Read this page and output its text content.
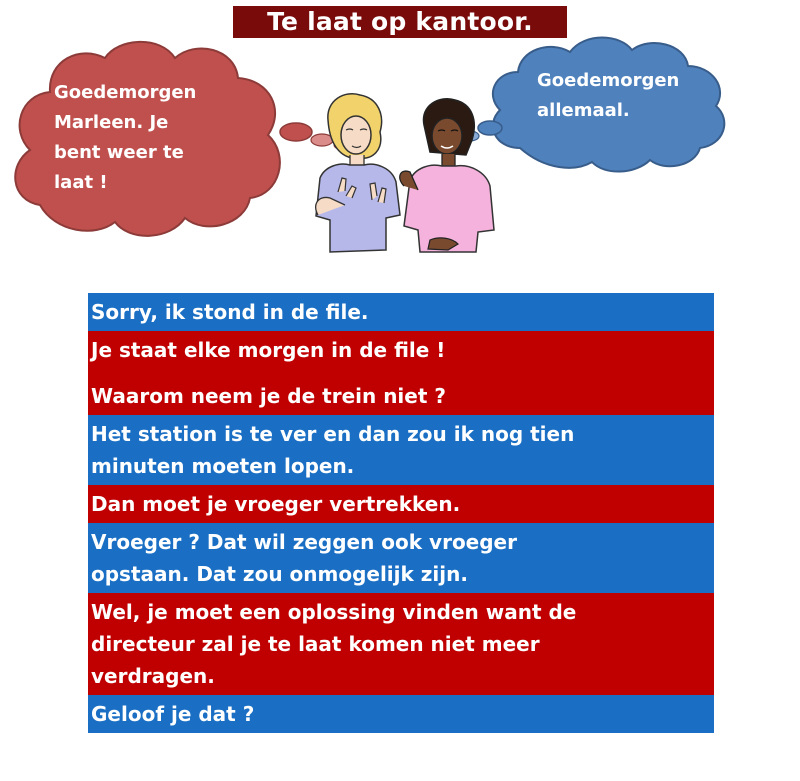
Te laat op kantoor.
Goedemorgen
Marleen. Je
bent weer te
laat !
Goedemorgen
allemaal.
Sorry, ik stond in de file.
Je staat elke morgen in de file !
Waarom neem je de trein niet ?
Het station is te ver en dan zou ik nog tien
minuten moeten lopen.
Dan moet je vroeger vertrekken.
Vroeger ? Dat wil zeggen ook vroeger
opstaan. Dat zou onmogelijk zijn.
Wel, je moet een oplossing vinden want de
directeur zal je te laat komen niet meer
verdragen.
Geloof je dat ?
